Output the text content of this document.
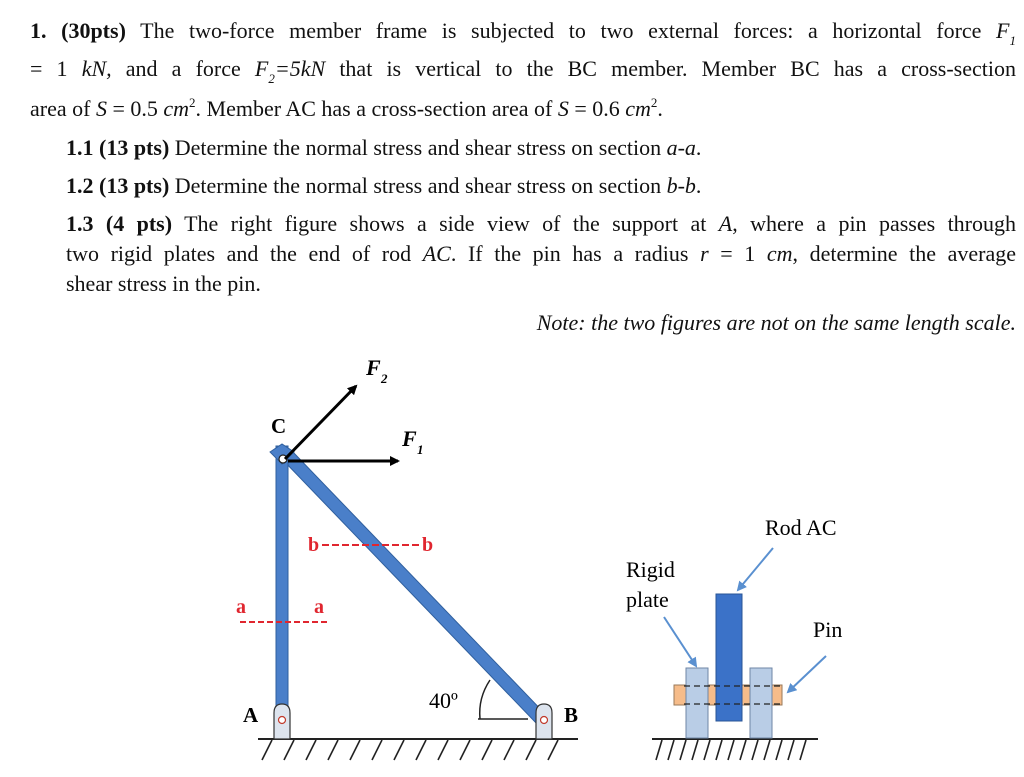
1. (30pts) The two-force member frame is subjected to two external forces: a horizontal force $F_1$
= 1 kN, and a force $F_2=5kN$ that is vertical to the BC member. Member BC has a cross-section
area of S = 0.5 $cm^2$. Member AC has a cross-section area of S = 0.6 $cm^2$.
1.1 (13 pts) Determine the normal stress and shear stress on section a-a.
1.2 (13 pts) Determine the normal stress and shear stress on section b-b.
1.3 (4 pts) The right figure shows a side view of the support at A, where a pin passes through
two rigid plates and the end of rod AC. If the pin has a radius r = 1 cm, determine the average
shear stress in the pin.
Note: the two figures are not on the same length scale.
C
A	B
F 2
F 1
40º
a	a
b	b
Rod AC
Rigid
plate
Pin
